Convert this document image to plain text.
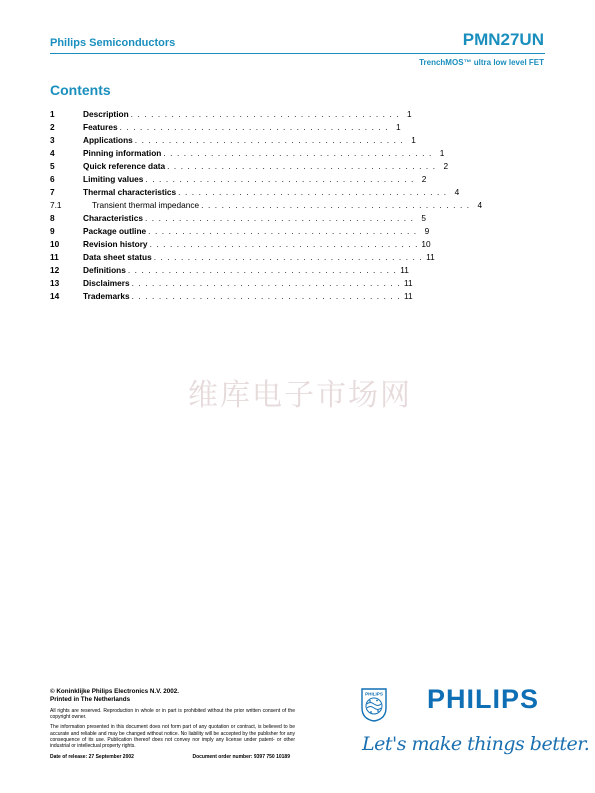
Philips Semiconductors	PMN27UN
TrenchMOS™ ultra low level FET
Contents
1	Description . . . . . . . . . . . . . . . . . . . . . . . . . . . . . . . . . . . . . . . . 1
2	Features . . . . . . . . . . . . . . . . . . . . . . . . . . . . . . . . . . . . . . . . 1
3	Applications . . . . . . . . . . . . . . . . . . . . . . . . . . . . . . . . . . . . . . . . 1
4	Pinning information . . . . . . . . . . . . . . . . . . . . . . . . . . . . . . . . . . . . . . . . 1
5	Quick reference data . . . . . . . . . . . . . . . . . . . . . . . . . . . . . . . . . . . . . . . . 2
6	Limiting values . . . . . . . . . . . . . . . . . . . . . . . . . . . . . . . . . . . . . . . . 2
7	Thermal characteristics . . . . . . . . . . . . . . . . . . . . . . . . . . . . . . . . . . . . . . . . 4
7.1	Transient thermal impedance . . . . . . . . . . . . . . . . . . . . . . . . . . . . . . . . . . . . . . . . 4
8	Characteristics . . . . . . . . . . . . . . . . . . . . . . . . . . . . . . . . . . . . . . . . 5
9	Package outline . . . . . . . . . . . . . . . . . . . . . . . . . . . . . . . . . . . . . . . . 9
10	Revision history . . . . . . . . . . . . . . . . . . . . . . . . . . . . . . . . . . . . . . . . 10
11	Data sheet status . . . . . . . . . . . . . . . . . . . . . . . . . . . . . . . . . . . . . . . . 11
12	Definitions . . . . . . . . . . . . . . . . . . . . . . . . . . . . . . . . . . . . . . . . 11
13	Disclaimers . . . . . . . . . . . . . . . . . . . . . . . . . . . . . . . . . . . . . . . . 11
14	Trademarks . . . . . . . . . . . . . . . . . . . . . . . . . . . . . . . . . . . . . . . . 11
维库电子市场网
© Koninklijke Philips Electronics N.V. 2002.
Printed in The Netherlands
All rights are reserved. Reproduction in whole or in part is prohibited without the prior written consent of the copyright owner.
The information presented in this document does not form part of any quotation or contract, is believed to be accurate and reliable and may be changed without notice. No liability will be accepted by the publisher for any consequence of its use. Publication thereof does not convey nor imply any license under patent- or other industrial or intellectual property rights.
Date of release: 27 September 2002	Document order number: 9397 750 10189
PHILIPS PHILIPS
Let's make things better.
